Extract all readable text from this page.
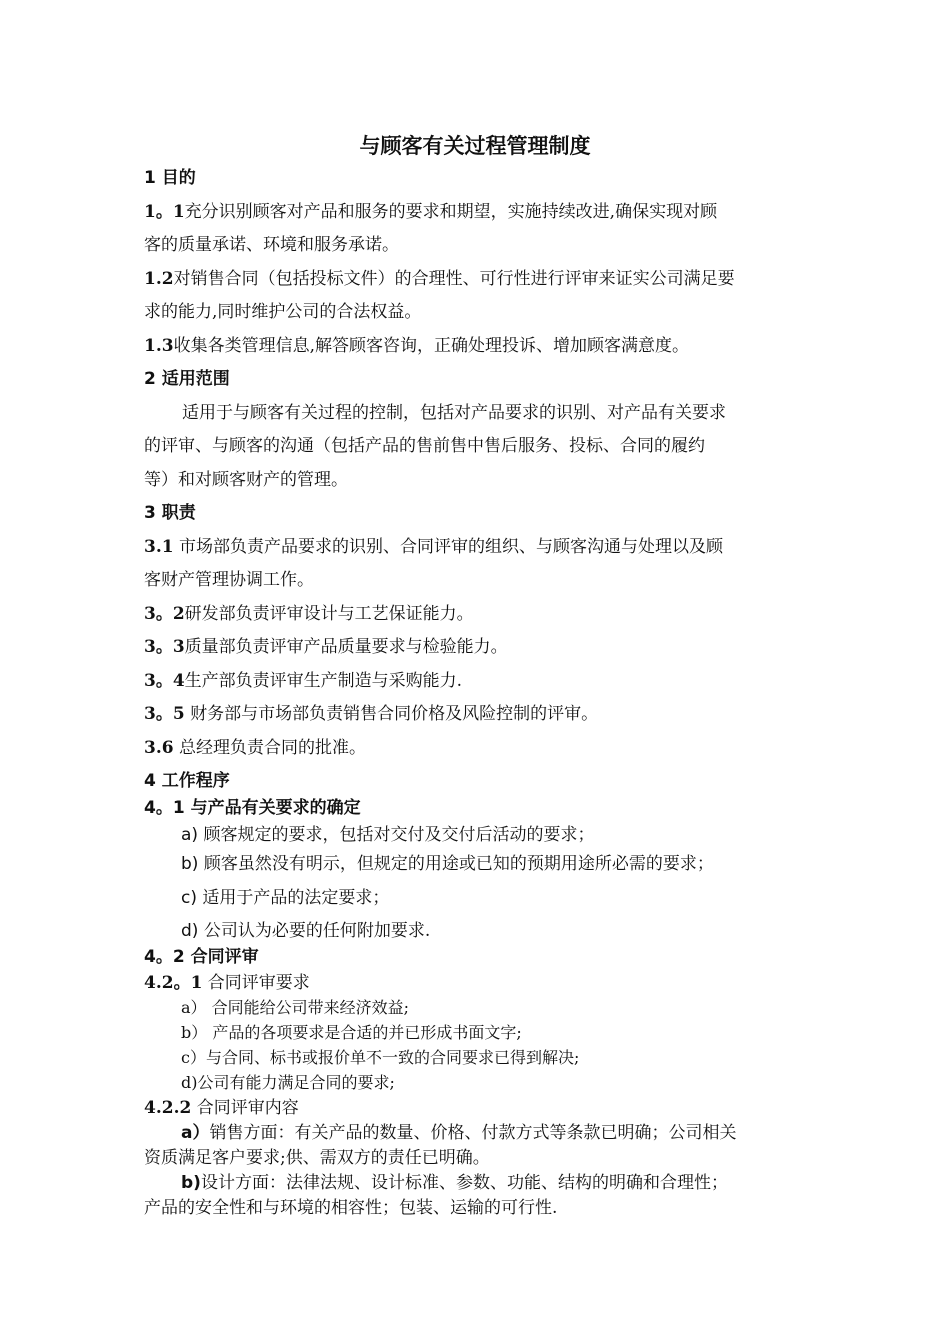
与顾客有关过程管理制度
1 目的
1。1充分识别顾客对产品和服务的要求和期望，实施持续改进,确保实现对顾
客的质量承诺、环境和服务承诺。
1.2对销售合同（包括投标文件）的合理性、可行性进行评审来证实公司满足要
求的能力,同时维护公司的合法权益。
1.3收集各类管理信息,解答顾客咨询，正确处理投诉、增加顾客满意度。
2 适用范围
适用于与顾客有关过程的控制，包括对产品要求的识别、对产品有关要求
的评审、与顾客的沟通（包括产品的售前售中售后服务、投标、合同的履约
等）和对顾客财产的管理。
3 职责
3.1 市场部负责产品要求的识别、合同评审的组织、与顾客沟通与处理以及顾
客财产管理协调工作。
3。2研发部负责评审设计与工艺保证能力。
3。3质量部负责评审产品质量要求与检验能力。
3。4生产部负责评审生产制造与采购能力.
3。5 财务部与市场部负责销售合同价格及风险控制的评审。
3.6 总经理负责合同的批准。
4 工作程序
4。1 与产品有关要求的确定
a) 顾客规定的要求，包括对交付及交付后活动的要求；
b) 顾客虽然没有明示，但规定的用途或已知的预期用途所必需的要求；
c) 适用于产品的法定要求；
d) 公司认为必要的任何附加要求.
4。2 合同评审
4.2。1 合同评审要求
a） 合同能给公司带来经济效益;
b） 产品的各项要求是合适的并已形成书面文字;
c）与合同、标书或报价单不一致的合同要求已得到解决;
d)公司有能力满足合同的要求;
4.2.2 合同评审内容
a）销售方面：有关产品的数量、价格、付款方式等条款已明确；公司相关
资质满足客户要求;供、需双方的责任已明确。
b)设计方面：法律法规、设计标准、参数、功能、结构的明确和合理性；
产品的安全性和与环境的相容性；包装、运输的可行性.
